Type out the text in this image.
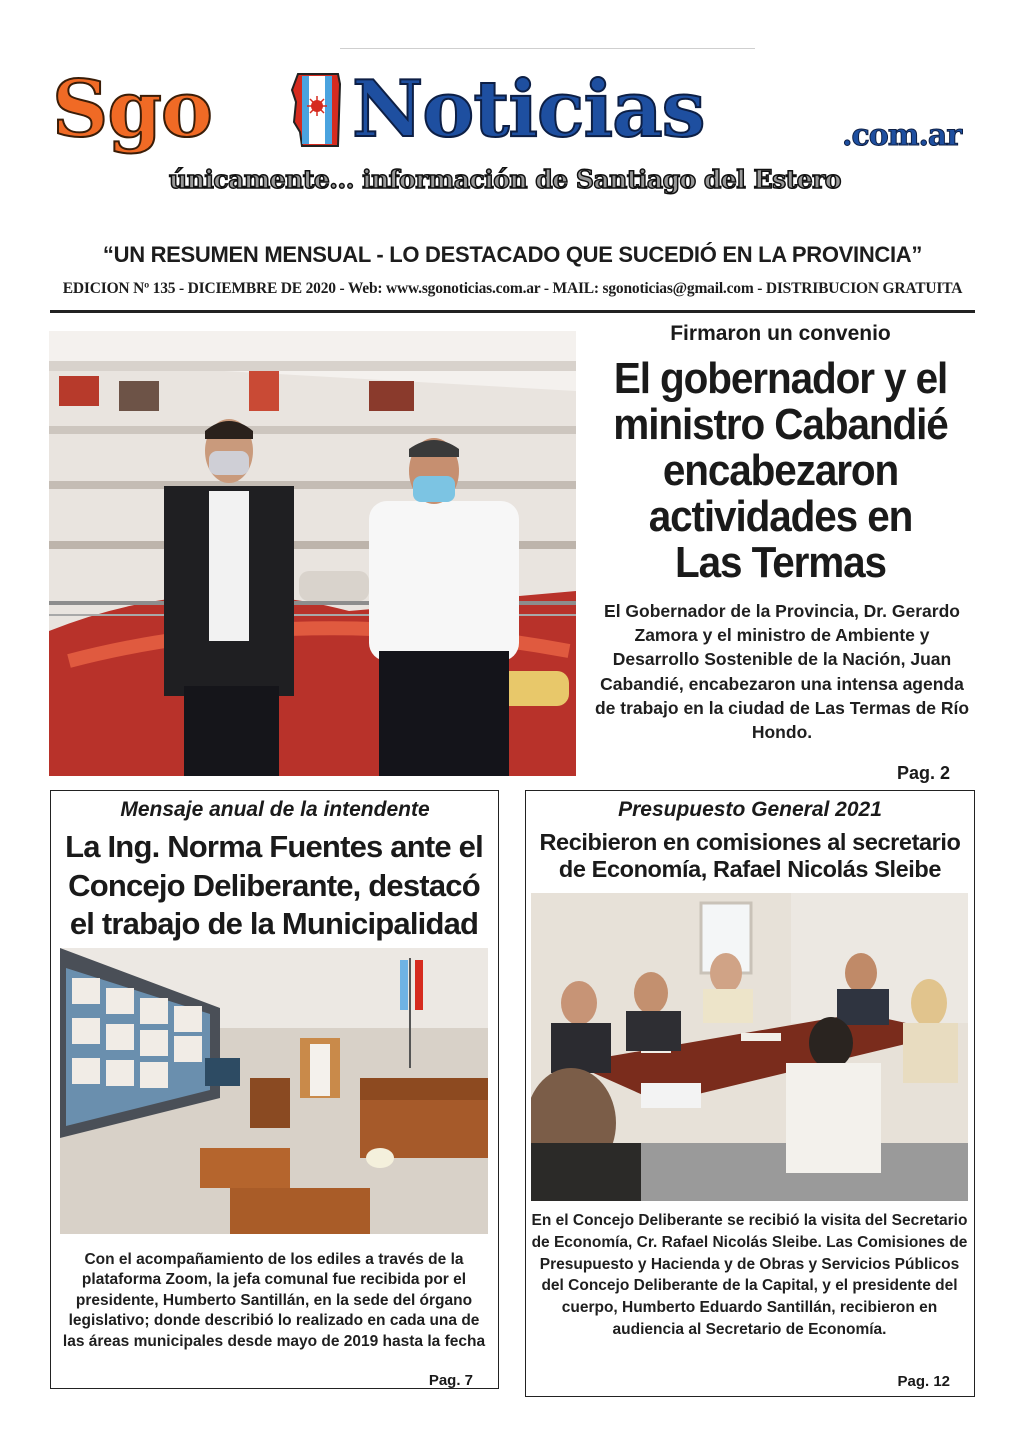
Sgo Noticias	.com.ar
únicamente... información de Santiago del Estero
“UN RESUMEN MENSUAL - LO DESTACADO QUE SUCEDIÓ EN LA PROVINCIA”
EDICION Nº 135 - DICIEMBRE DE 2020 - Web: www.sgonoticias.com.ar - MAIL: sgonoticias@gmail.com - DISTRIBUCION GRATUITA
Firmaron un convenio
El gobernador y el ministro Cabandié encabezaron actividades en Las Termas
El Gobernador de la Provincia, Dr. Gerardo Zamora y el ministro de Ambiente y Desarrollo Sostenible de la Nación, Juan Cabandié, encabezaron una intensa agenda de trabajo en la ciudad de Las Termas de Río Hondo.
Pag. 2
Mensaje anual de la intendente
La Ing. Norma Fuentes ante el Concejo Deliberante, destacó el trabajo de la Municipalidad
Con el acompañamiento de los ediles a través de la plataforma Zoom, la jefa comunal fue recibida por el presidente, Humberto Santillán, en la sede del órgano legislativo; donde describió lo realizado en cada una de las áreas municipales desde mayo de 2019 hasta la fecha
Pag. 7
Presupuesto General 2021
Recibieron en comisiones al secretario de Economía, Rafael Nicolás Sleibe
En el Concejo Deliberante se recibió la visita del Secretario de Economía, Cr. Rafael Nicolás Sleibe. Las Comisiones de Presupuesto y Hacienda y de Obras y Servicios Públicos del Concejo Deliberante de la Capital, y el presidente del cuerpo, Humberto Eduardo Santillán, recibieron en audiencia al Secretario de Economía.
Pag. 12
